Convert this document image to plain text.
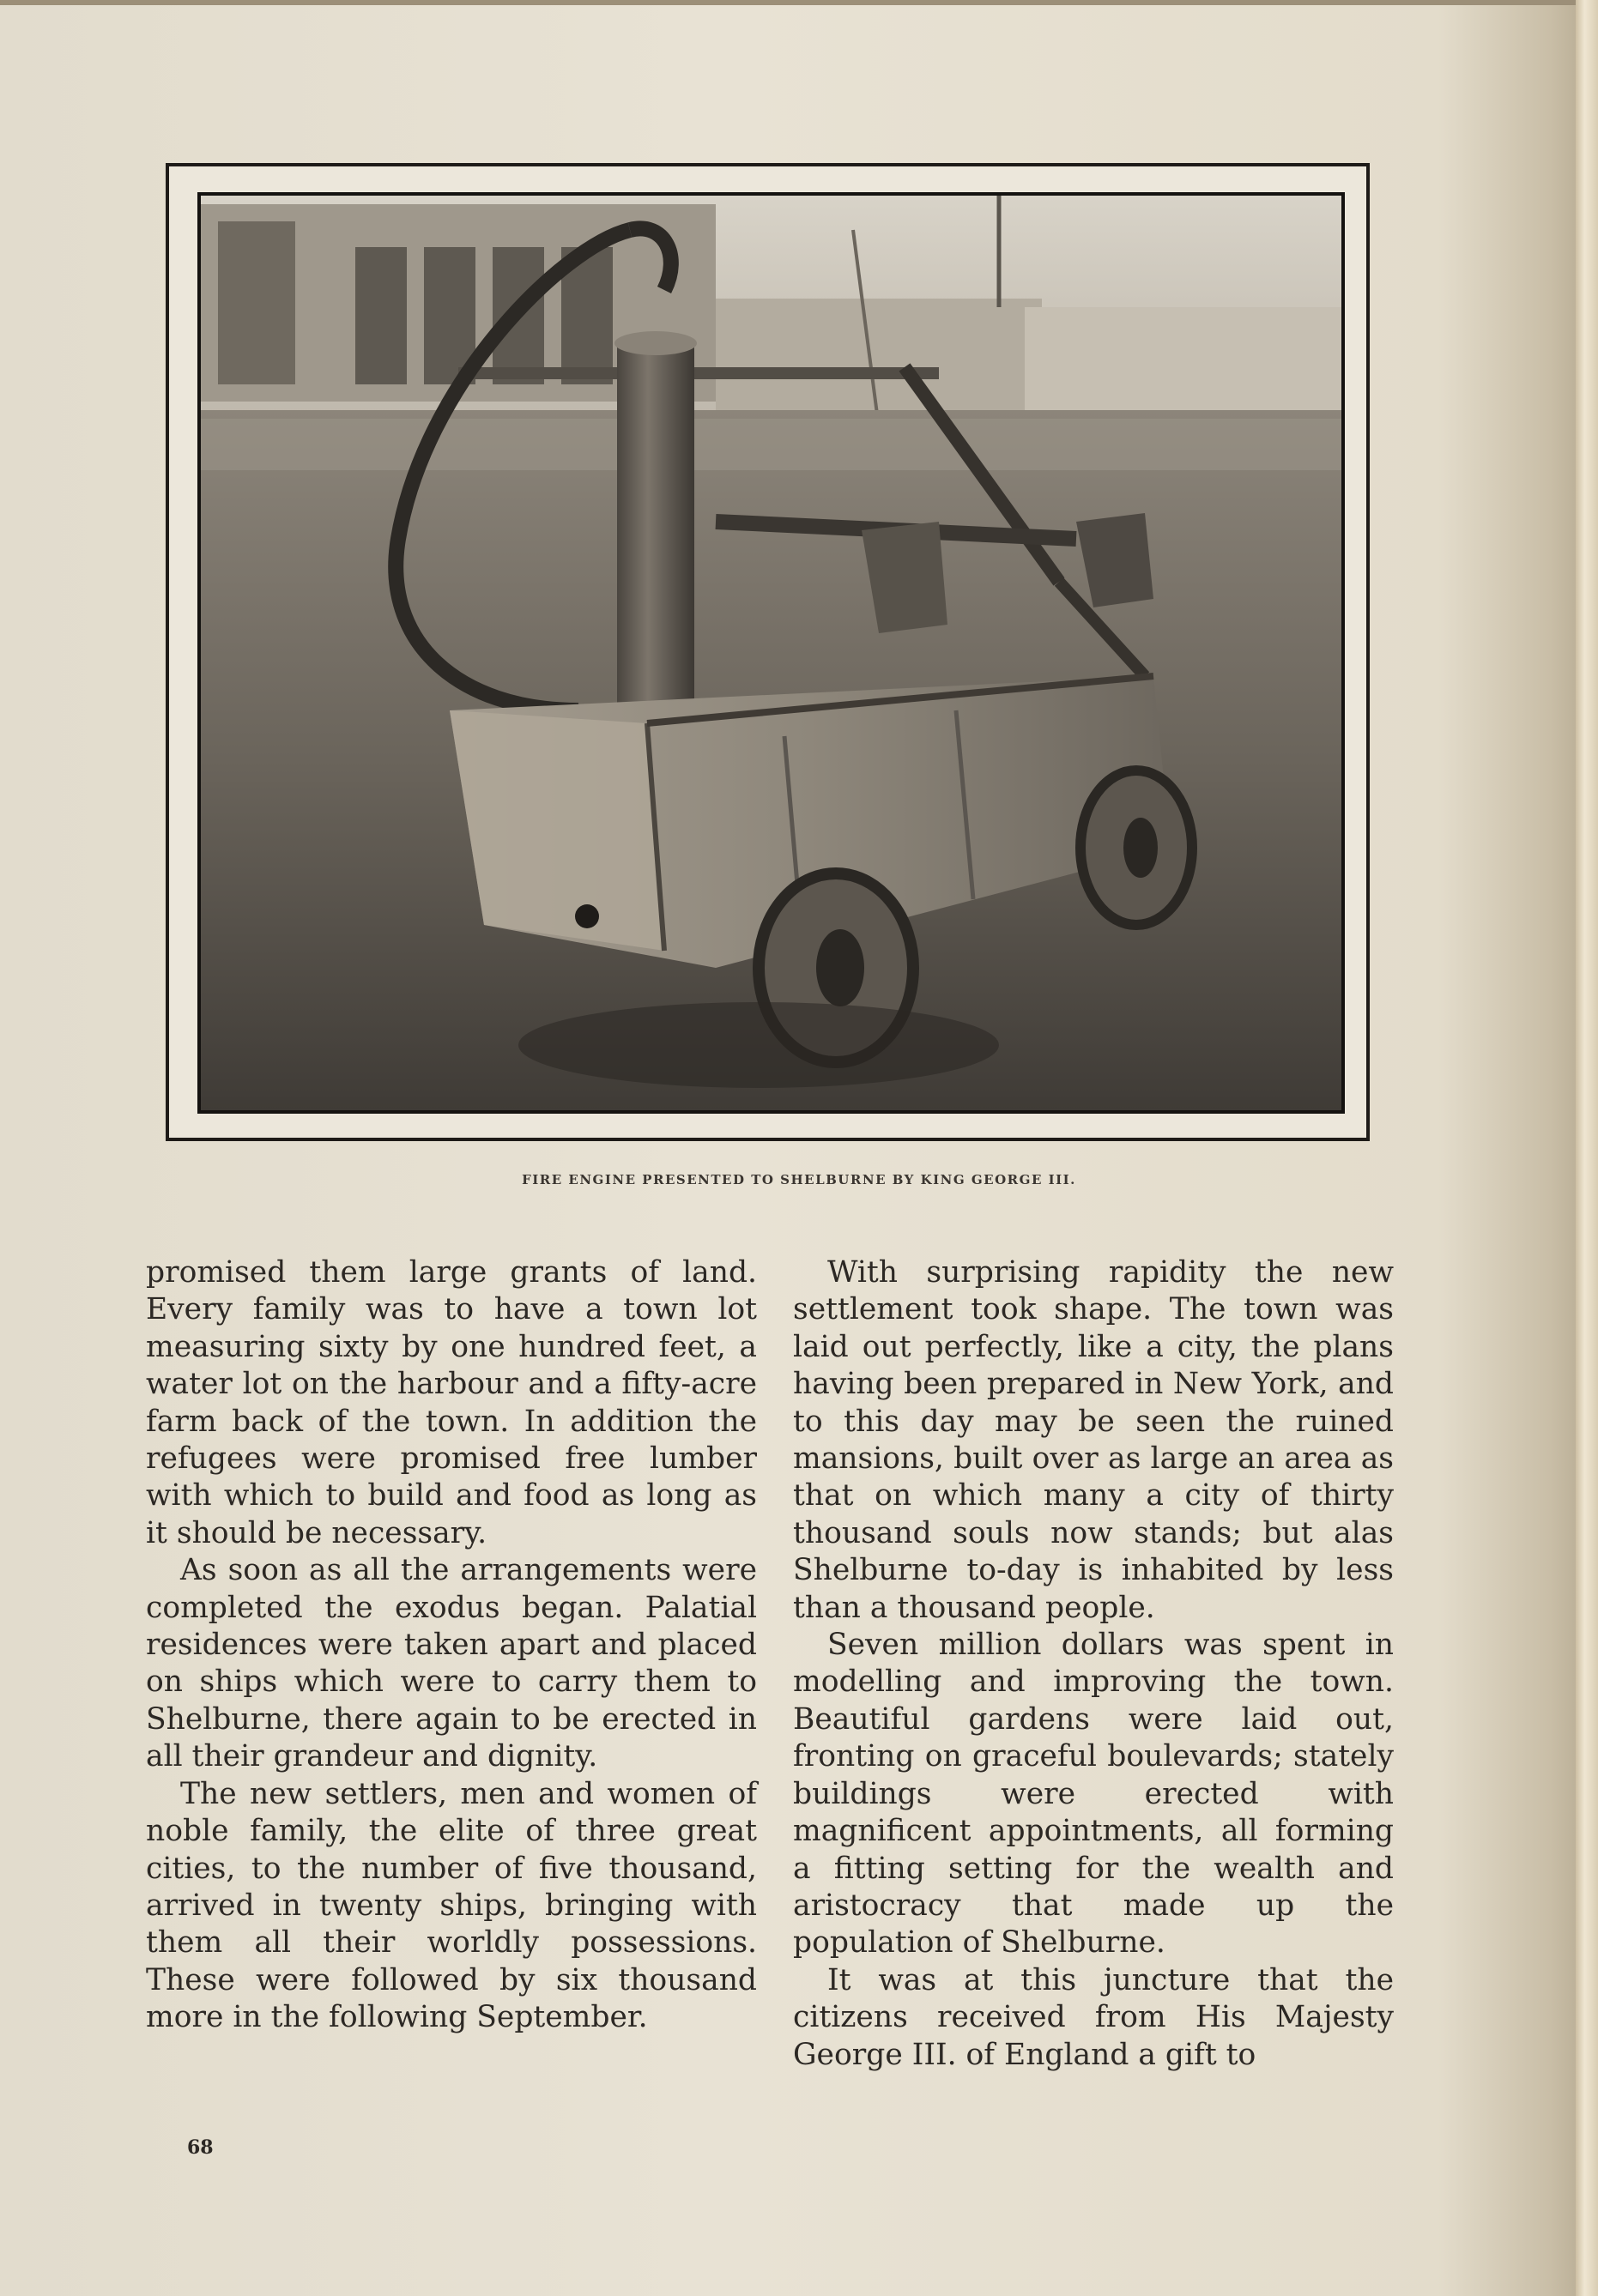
FIRE ENGINE PRESENTED TO SHELBURNE BY KING GEORGE III.

promised them large grants of land. Every family was to have a town lot measuring sixty by one hundred feet, a water lot on the harbour and a fifty-acre farm back of the town. In addition the refugees were promised free lumber with which to build and food as long as it should be necessary.

As soon as all the arrangements were completed the exodus began. Palatial residences were taken apart and placed on ships which were to carry them to Shelburne, there again to be erected in all their grandeur and dignity.

The new settlers, men and women of noble family, the elite of three great cities, to the number of five thousand, arrived in twenty ships, bringing with them all their worldly possessions. These were followed by six thousand more in the following September.

With surprising rapidity the new settlement took shape. The town was laid out perfectly, like a city, the plans having been prepared in New York, and to this day may be seen the ruined mansions, built over as large an area as that on which many a city of thirty thousand souls now stands; but alas Shelburne to-day is inhabited by less than a thousand people.

Seven million dollars was spent in modelling and improving the town. Beautiful gardens were laid out, fronting on graceful boulevards; stately buildings were erected with magnificent appointments, all forming a fitting setting for the wealth and aristocracy that made up the population of Shelburne.

It was at this juncture that the citizens received from His Majesty George III. of England a gift to

68
